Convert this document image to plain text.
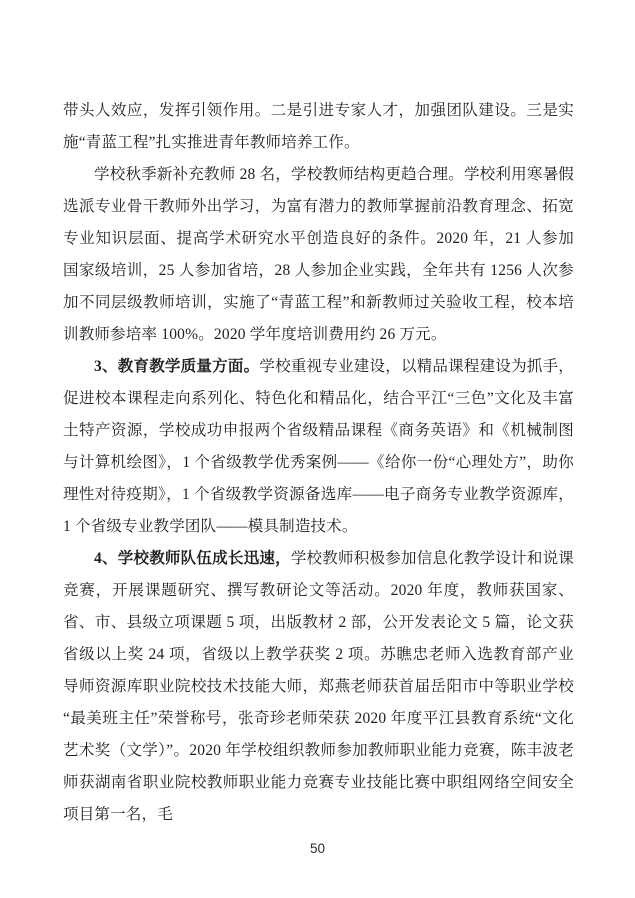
带头人效应，发挥引领作用。二是引进专家人才，加强团队建设。三是实施“青蓝工程”扎实推进青年教师培养工作。

学校秋季新补充教师 28 名，学校教师结构更趋合理。学校利用寒暑假选派专业骨干教师外出学习，为富有潜力的教师掌握前沿教育理念、拓宽专业知识层面、提高学术研究水平创造良好的条件。2020 年，21 人参加国家级培训，25 人参加省培，28 人参加企业实践，全年共有 1256 人次参加不同层级教师培训，实施了“青蓝工程”和新教师过关验收工程，校本培训教师参培率 100%。2020 学年度培训费用约 26 万元。

3、教育教学质量方面。学校重视专业建设，以精品课程建设为抓手，促进校本课程走向系列化、特色化和精品化，结合平江“三色”文化及丰富土特产资源，学校成功申报两个省级精品课程《商务英语》和《机械制图与计算机绘图》，1 个省级教学优秀案例——《给你一份“心理处方”，助你理性对待疫期》，1 个省级教学资源备选库——电子商务专业教学资源库，1 个省级专业教学团队——模具制造技术。

4、学校教师队伍成长迅速，学校教师积极参加信息化教学设计和说课竞赛，开展课题研究、撰写教研论文等活动。2020 年度，教师获国家、省、市、县级立项课题 5 项，出版教材 2 部，公开发表论文 5 篇，论文获省级以上奖 24 项，省级以上教学获奖 2 项。苏瞧忠老师入选教育部产业导师资源库职业院校技术技能大师，郑燕老师获首届岳阳市中等职业学校“最美班主任”荣誉称号，张奇珍老师荣获 2020 年度平江县教育系统“文化艺术奖（文学）”。2020 年学校组织教师参加教师职业能力竞赛，陈丰波老师获湖南省职业院校教师职业能力竞赛专业技能比赛中职组网络空间安全项目第一名，毛

50
